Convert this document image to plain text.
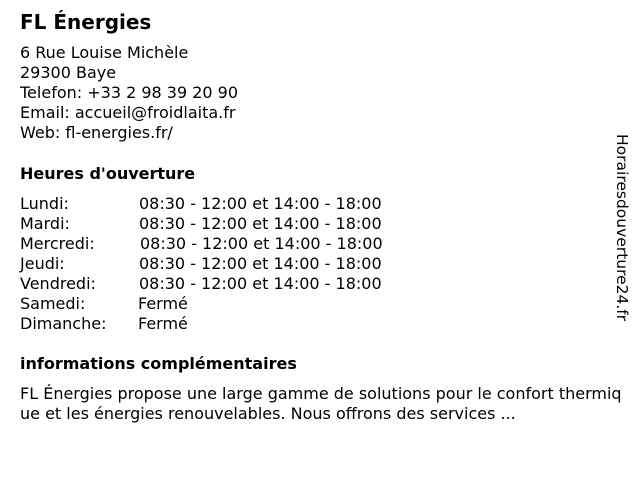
FL Énergies
6 Rue Louise Michèle
29300 Baye
Telefon: +33 2 98 39 20 90
Email: accueil@froidlaita.fr
Web: fl-energies.fr/
Heures d'ouverture
Lundi:	08:30 - 12:00 et 14:00 - 18:00
Mardi:	08:30 - 12:00 et 14:00 - 18:00
Mercredi:	08:30 - 12:00 et 14:00 - 18:00
Jeudi:	08:30 - 12:00 et 14:00 - 18:00
Vendredi:	08:30 - 12:00 et 14:00 - 18:00
Samedi:	Fermé
Dimanche: Fermé
informations complémentaires
FL Énergies propose une large gamme de solutions pour le confort thermique et les énergies renouvelables. Nous offrons des services ...
Horairesdouverture24.fr
